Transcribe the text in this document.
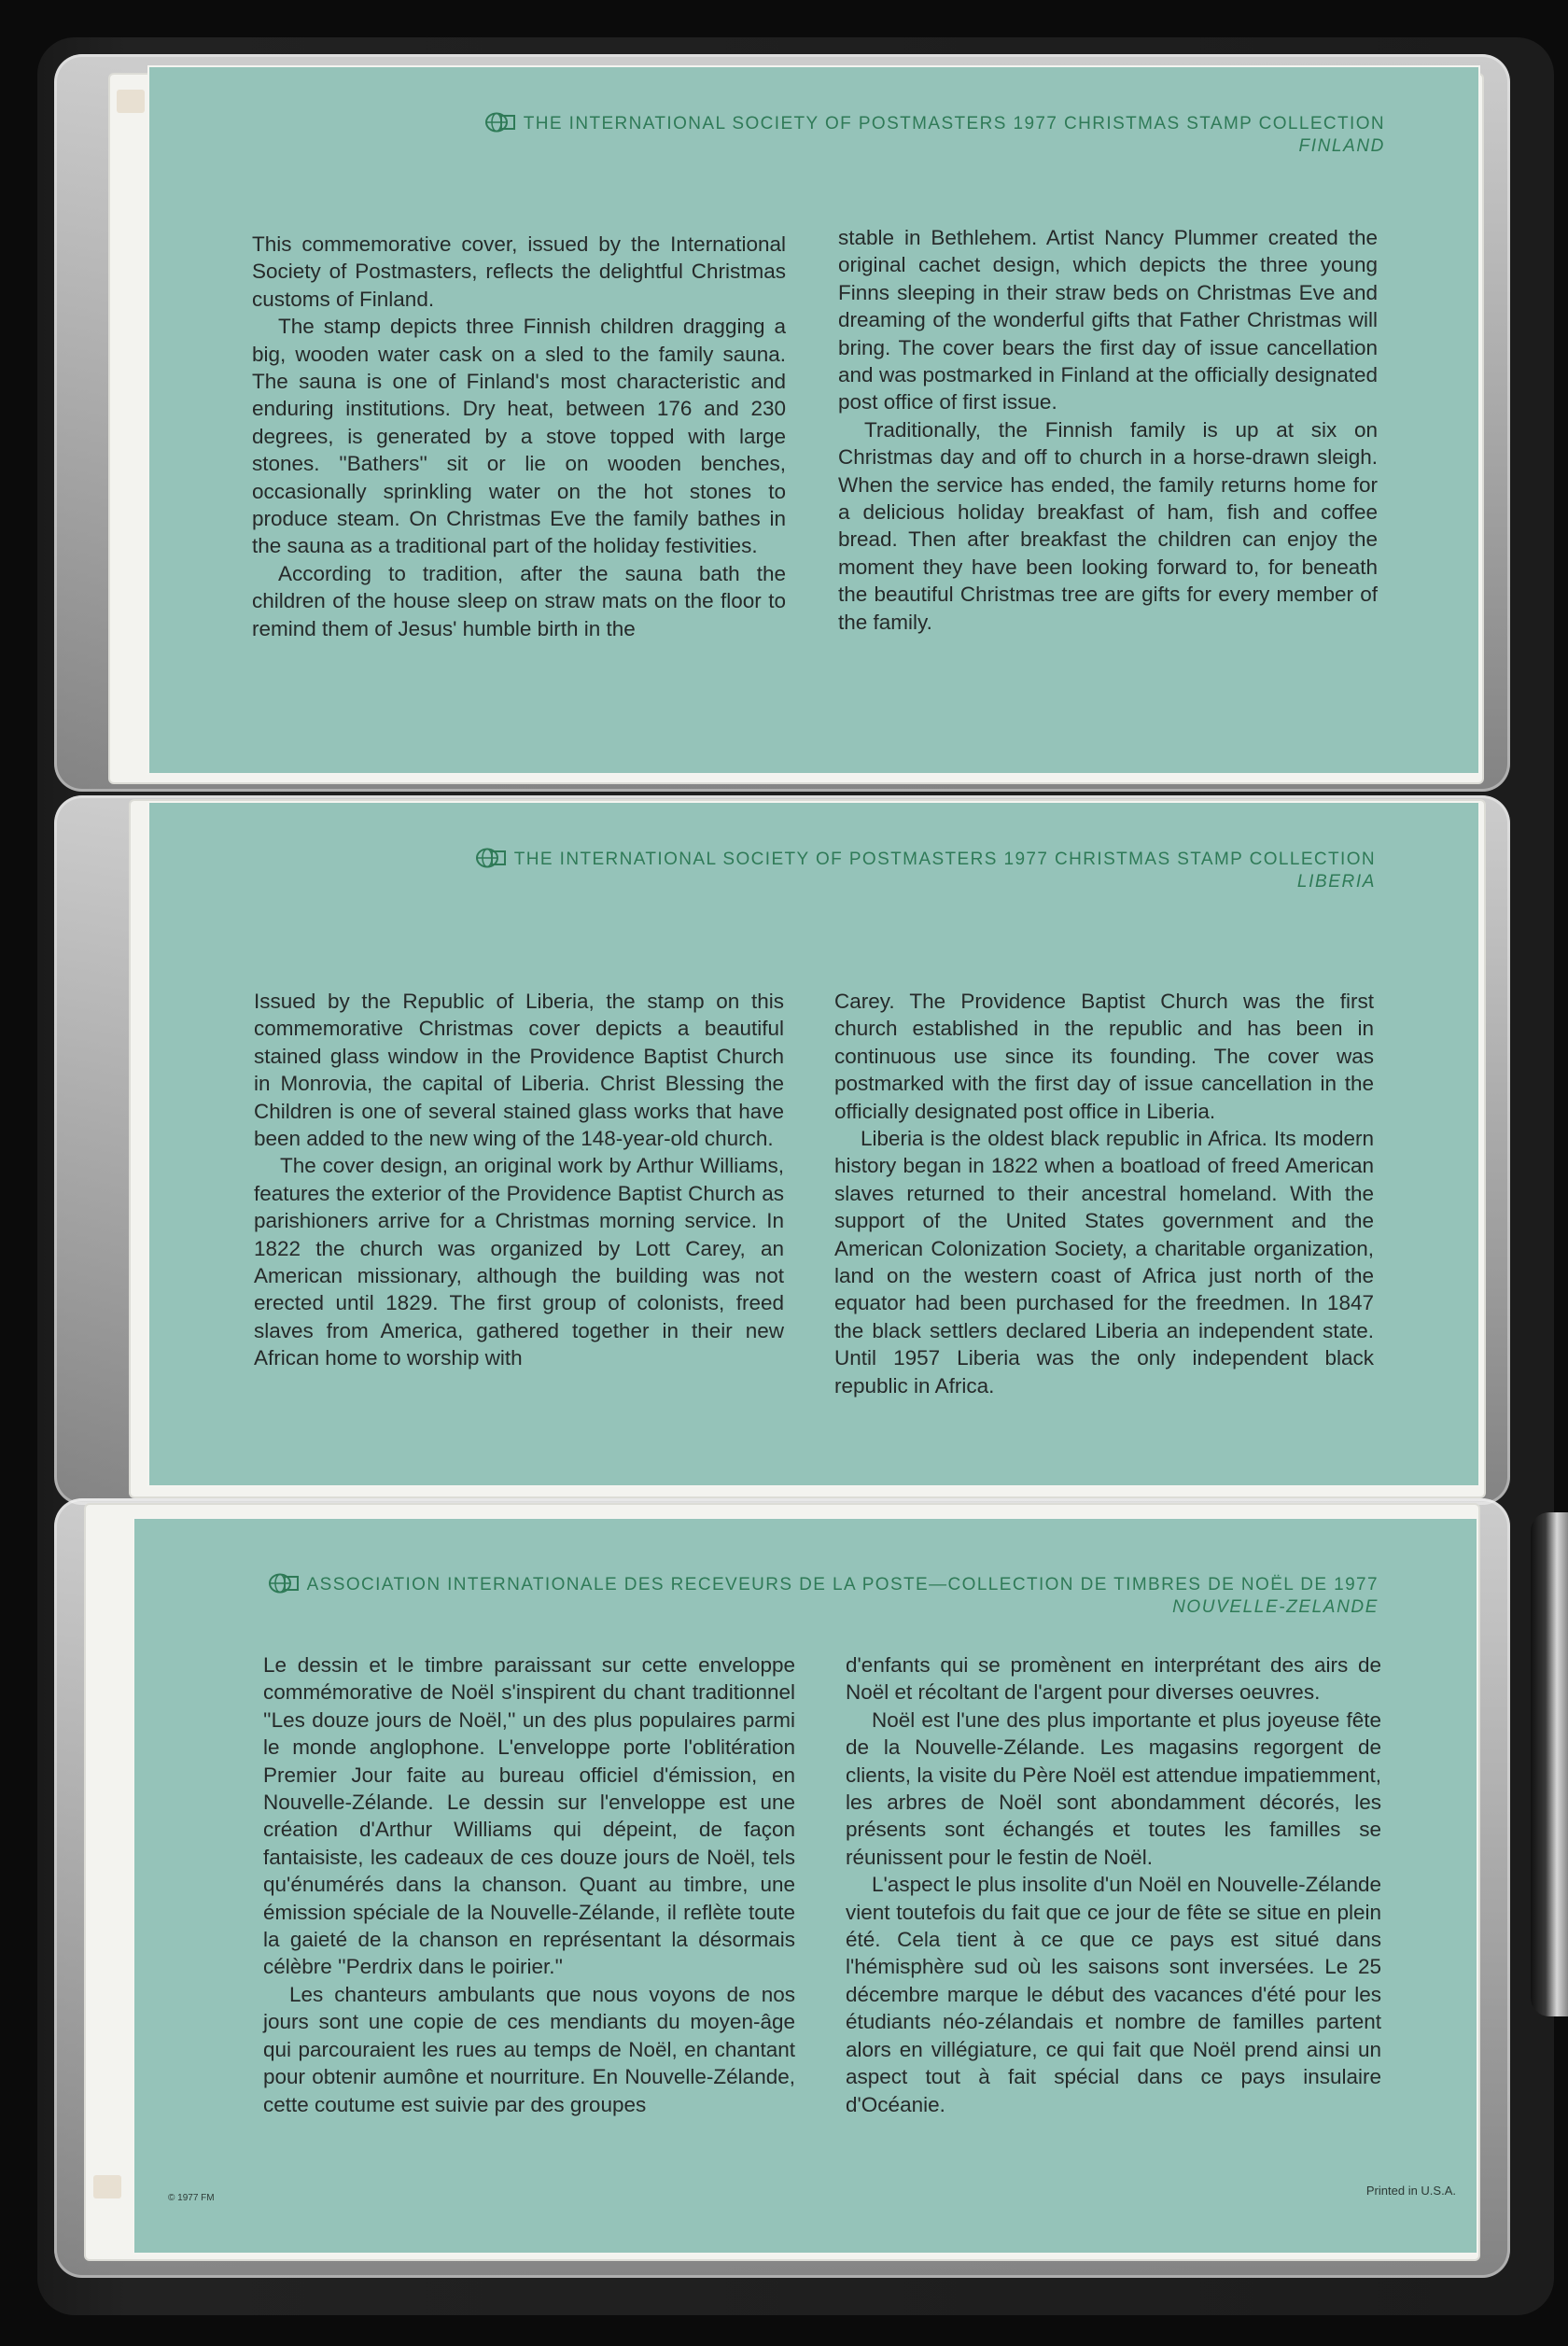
THE INTERNATIONAL SOCIETY OF POSTMASTERS 1977 CHRISTMAS STAMP COLLECTION
FINLAND

This commemorative cover, issued by the International Society of Postmasters, reflects the delightful Christmas customs of Finland.

The stamp depicts three Finnish children dragging a big, wooden water cask on a sled to the family sauna. The sauna is one of Finland's most characteristic and enduring institutions. Dry heat, between 176 and 230 degrees, is generated by a stove topped with large stones. ''Bathers'' sit or lie on wooden benches, occasionally sprinkling water on the hot stones to produce steam. On Christmas Eve the family bathes in the sauna as a traditional part of the holiday festivities.

According to tradition, after the sauna bath the children of the house sleep on straw mats on the floor to remind them of Jesus' humble birth in the

stable in Bethlehem. Artist Nancy Plummer created the original cachet design, which depicts the three young Finns sleeping in their straw beds on Christmas Eve and dreaming of the wonderful gifts that Father Christmas will bring. The cover bears the first day of issue cancellation and was postmarked in Finland at the officially designated post office of first issue.

Traditionally, the Finnish family is up at six on Christmas day and off to church in a horse-drawn sleigh. When the service has ended, the family returns home for a delicious holiday breakfast of ham, fish and coffee bread. Then after breakfast the children can enjoy the moment they have been looking forward to, for beneath the beautiful Christmas tree are gifts for every member of the family.

THE INTERNATIONAL SOCIETY OF POSTMASTERS 1977 CHRISTMAS STAMP COLLECTION
LIBERIA

Issued by the Republic of Liberia, the stamp on this commemorative Christmas cover depicts a beautiful stained glass window in the Providence Baptist Church in Monrovia, the capital of Liberia. Christ Blessing the Children is one of several stained glass works that have been added to the new wing of the 148-year-old church.

The cover design, an original work by Arthur Williams, features the exterior of the Providence Baptist Church as parishioners arrive for a Christmas morning service. In 1822 the church was organized by Lott Carey, an American missionary, although the building was not erected until 1829. The first group of colonists, freed slaves from America, gathered together in their new African home to worship with

Carey. The Providence Baptist Church was the first church established in the republic and has been in continuous use since its founding. The cover was postmarked with the first day of issue cancellation in the officially designated post office in Liberia.

Liberia is the oldest black republic in Africa. Its modern history began in 1822 when a boatload of freed American slaves returned to their ancestral homeland. With the support of the United States government and the American Colonization Society, a charitable organization, land on the western coast of Africa just north of the equator had been purchased for the freedmen. In 1847 the black settlers declared Liberia an independent state. Until 1957 Liberia was the only independent black republic in Africa.

ASSOCIATION INTERNATIONALE DES RECEVEURS DE LA POSTE—COLLECTION DE TIMBRES DE NOËL DE 1977
NOUVELLE-ZELANDE

Le dessin et le timbre paraissant sur cette enveloppe commémorative de Noël s'inspirent du chant traditionnel ''Les douze jours de Noël,'' un des plus populaires parmi le monde anglophone. L'enveloppe porte l'oblitération Premier Jour faite au bureau officiel d'émission, en Nouvelle-Zélande. Le dessin sur l'enveloppe est une création d'Arthur Williams qui dépeint, de façon fantaisiste, les cadeaux de ces douze jours de Noël, tels qu'énumérés dans la chanson. Quant au timbre, une émission spéciale de la Nouvelle-Zélande, il reflète toute la gaieté de la chanson en représentant la désormais célèbre ''Perdrix dans le poirier.''

Les chanteurs ambulants que nous voyons de nos jours sont une copie de ces mendiants du moyen-âge qui parcouraient les rues au temps de Noël, en chantant pour obtenir aumône et nourriture. En Nouvelle-Zélande, cette coutume est suivie par des groupes

d'enfants qui se promènent en interprétant des airs de Noël et récoltant de l'argent pour diverses oeuvres.

Noël est l'une des plus importante et plus joyeuse fête de la Nouvelle-Zélande. Les magasins regorgent de clients, la visite du Père Noël est attendue impatiemment, les arbres de Noël sont abondamment décorés, les présents sont échangés et toutes les familles se réunissent pour le festin de Noël.

L'aspect le plus insolite d'un Noël en Nouvelle-Zélande vient toutefois du fait que ce jour de fête se situe en plein été. Cela tient à ce que ce pays est situé dans l'hémisphère sud où les saisons sont inversées. Le 25 décembre marque le début des vacances d'été pour les étudiants néo-zélandais et nombre de familles partent alors en villégiature, ce qui fait que Noël prend ainsi un aspect tout à fait spécial dans ce pays insulaire d'Océanie.

© 1977 FM
Printed in U.S.A.
